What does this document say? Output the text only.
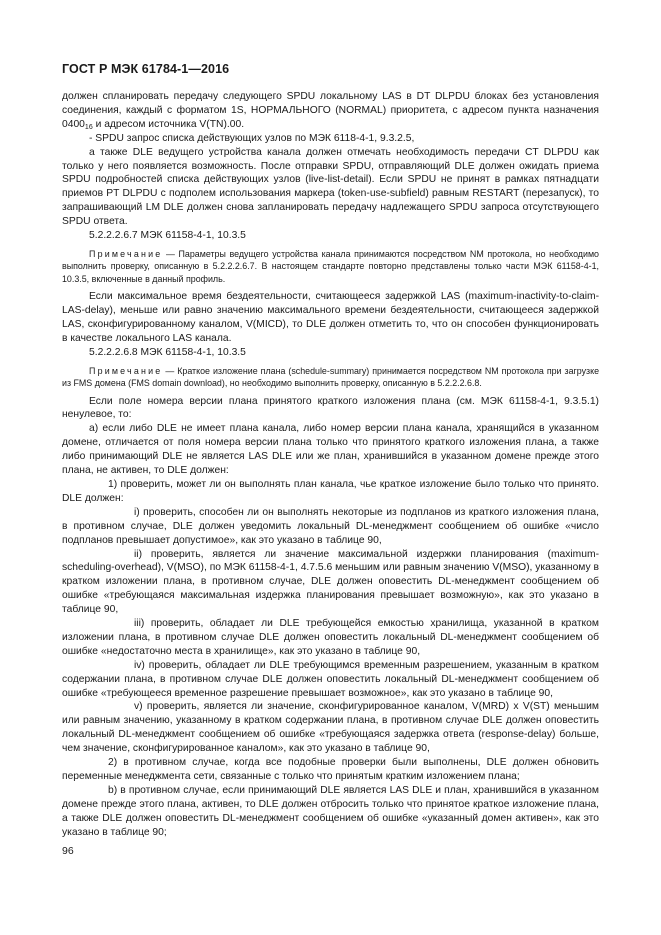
ГОСТ Р МЭК 61784-1—2016

должен спланировать передачу следующего SPDU локальному LAS в DT DLPDU блоках без установления соединения, каждый с форматом 1S, НОРМАЛЬНОГО (NORMAL) приоритета, с адресом пункта назначения $0400_{16}$ и адресом источника V(TN).00.

- SPDU запрос списка действующих узлов по МЭК 6118-4-1, 9.3.2.5,

а также DLE ведущего устройства канала должен отмечать необходимость передачи CT DLPDU как только у него появляется возможность. После отправки SPDU, отправляющий DLE должен ожидать приема SPDU подробностей списка действующих узлов (live-list-detail). Если SPDU не принят в рамках пятнадцати приемов PT DLPDU с подполем использования маркера (token-use-subfield) равным RESTART (перезапуск), то запрашивающий LM DLE должен снова запланировать передачу надлежащего SPDU запроса отсутствующего SPDU ответа.

5.2.2.2.6.7 МЭК 61158-4-1, 10.3.5

Примечание — Параметры ведущего устройства канала принимаются посредством NM протокола, но необходимо выполнить проверку, описанную в 5.2.2.2.6.7. В настоящем стандарте повторно представлены только части МЭК 61158-4-1, 10.3.5, включенные в данный профиль.

Если максимальное время бездеятельности, считающееся задержкой LAS (maximum-inactivity-to-claim-LAS-delay), меньше или равно значению максимального времени бездеятельности, считающееся задержкой LAS, сконфигурированному каналом, V(MICD), то DLE должен отметить то, что он способен функционировать в качестве локального LAS канала.

5.2.2.2.6.8 МЭК 61158-4-1, 10.3.5

Примечание — Краткое изложение плана (schedule-summary) принимается посредством NM протокола при загрузке из FMS домена (FMS domain download), но необходимо выполнить проверку, описанную в 5.2.2.2.6.8.

Если поле номера версии плана принятого краткого изложения плана (см. МЭК 61158-4-1, 9.3.5.1) ненулевое, то:

a) если либо DLE не имеет плана канала, либо номер версии плана канала, хранящийся в указанном домене, отличается от поля номера версии плана только что принятого краткого изложения плана, а также либо принимающий DLE не является LAS DLE или же план, хранившийся в указанном домене прежде этого плана, не активен, то DLE должен:

1) проверить, может ли он выполнять план канала, чье краткое изложение было только что принято. DLE должен:

i) проверить, способен ли он выполнять некоторые из подпланов из краткого изложения плана, в противном случае, DLE должен уведомить локальный DL-менеджмент сообщением об ошибке «число подпланов превышает допустимое», как это указано в таблице 90,

ii) проверить, является ли значение максимальной издержки планирования (maximum-scheduling-overhead), V(MSO), по МЭК 61158-4-1, 4.7.5.6 меньшим или равным значению V(MSO), указанному в кратком изложении плана, в противном случае, DLE должен оповестить DL-менеджмент сообщением об ошибке «требующаяся максимальная издержка планирования превышает возможную», как это указано в таблице 90,

iii) проверить, обладает ли DLE требующейся емкостью хранилища, указанной в кратком изложении плана, в противном случае DLE должен оповестить локальный DL-менеджмент сообщением об ошибке «недостаточно места в хранилище», как это указано в таблице 90,

iv) проверить, обладает ли DLE требующимся временным разрешением, указанным в кратком содержании плана, в противном случае DLE должен оповестить локальный DL-менеджмент сообщением об ошибке «требующееся временное разрешение превышает возможное», как это указано в таблице 90,

v) проверить, является ли значение, сконфигурированное каналом, V(MRD) x V(ST) меньшим или равным значению, указанному в кратком содержании плана, в противном случае DLE должен оповестить локальный DL-менеджмент сообщением об ошибке «требующаяся задержка ответа (response-delay) больше, чем значение, сконфигурированное каналом», как это указано в таблице 90,

2) в противном случае, когда все подобные проверки были выполнены, DLE должен обновить переменные менеджмента сети, связанные с только что принятым кратким изложением плана;

b) в противном случае, если принимающий DLE является LAS DLE и план, хранившийся в указанном домене прежде этого плана, активен, то DLE должен отбросить только что принятое краткое изложение плана, а также DLE должен оповестить DL-менеджмент сообщением об ошибке «указанный домен активен», как это указано в таблице 90;

96
